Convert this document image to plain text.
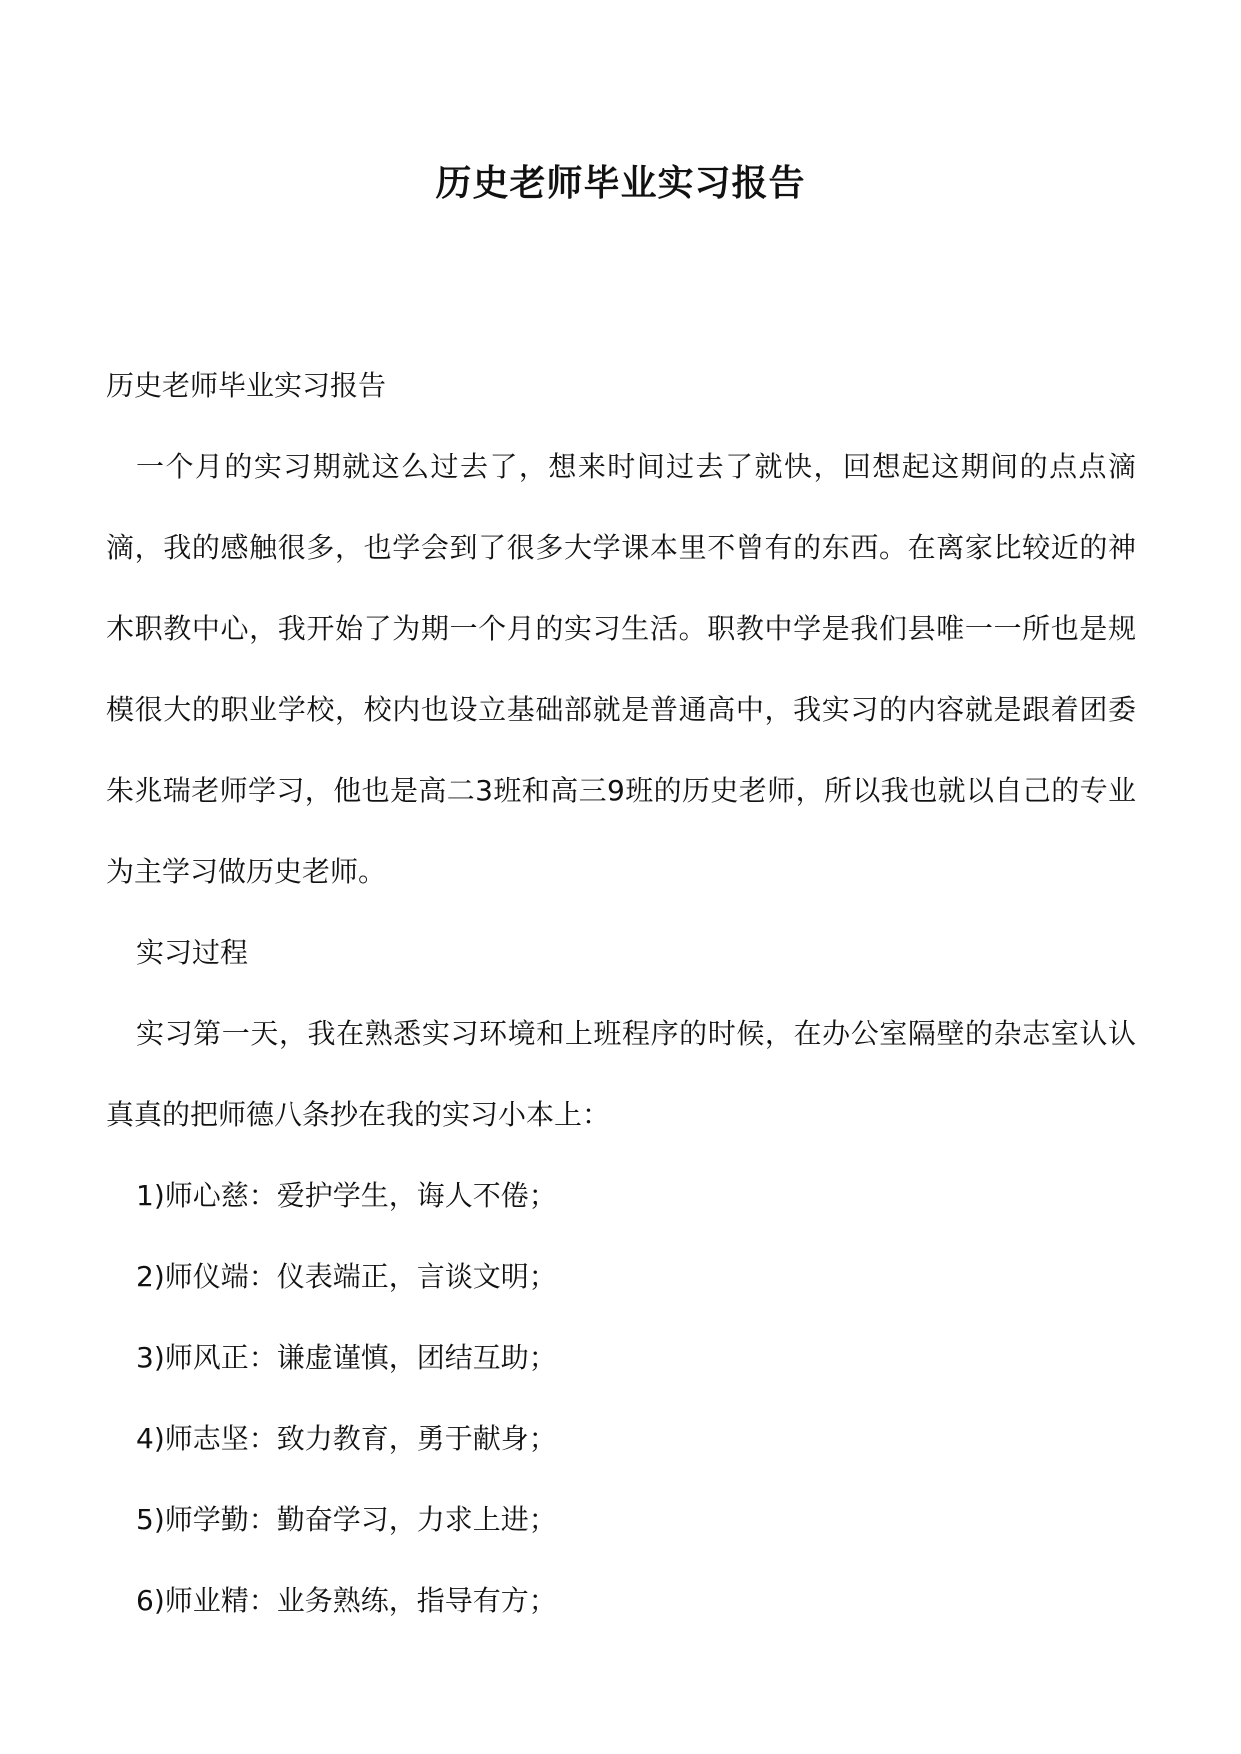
历史老师毕业实习报告

历史老师毕业实习报告

一个月的实习期就这么过去了，想来时间过去了就快，回想起这期间的点点滴滴，我的感触很多，也学会到了很多大学课本里不曾有的东西。在离家比较近的神木职教中心，我开始了为期一个月的实习生活。职教中学是我们县唯一一所也是规模很大的职业学校，校内也设立基础部就是普通高中，我实习的内容就是跟着团委朱兆瑞老师学习，他也是高二3班和高三9班的历史老师，所以我也就以自己的专业为主学习做历史老师。

实习过程

实习第一天，我在熟悉实习环境和上班程序的时候，在办公室隔壁的杂志室认认真真的把师德八条抄在我的实习小本上：

1)师心慈：爱护学生，诲人不倦；

2)师仪端：仪表端正，言谈文明；

3)师风正：谦虚谨慎，团结互助；

4)师志坚：致力教育，勇于献身；

5)师学勤：勤奋学习，力求上进；

6)师业精：业务熟练，指导有方；
